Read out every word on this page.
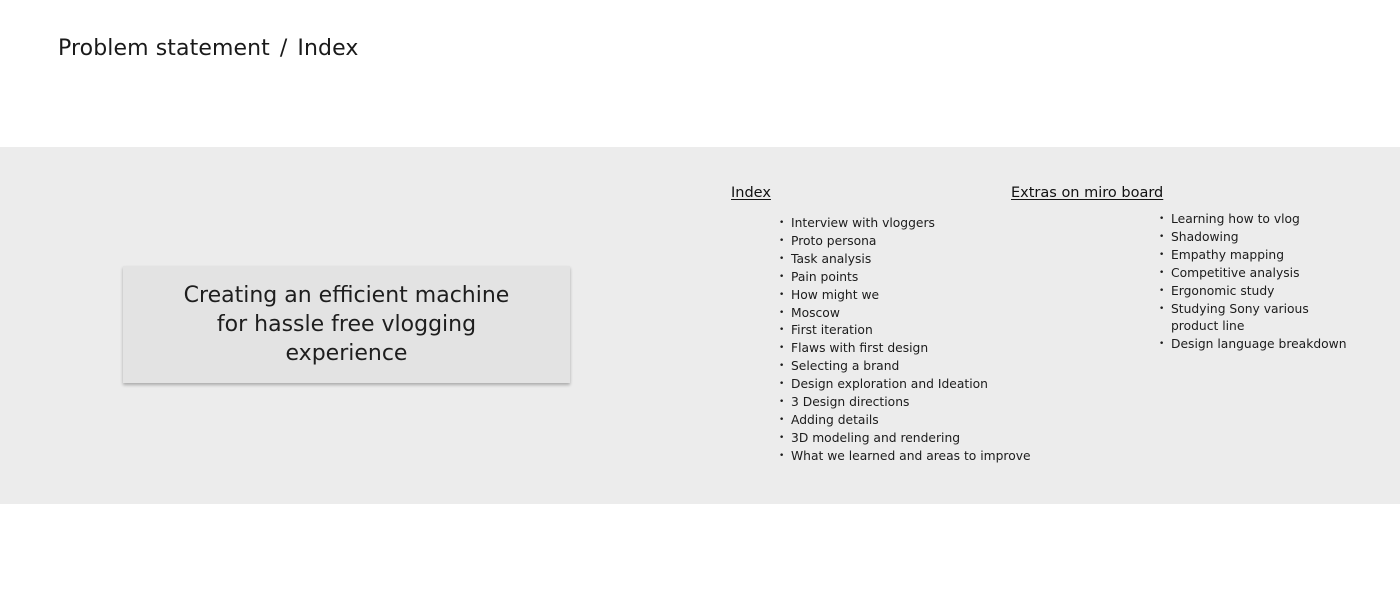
Problem statement / Index
Creating an efficient machine for hassle free vlogging experience
Index
• Interview with vloggers
• Proto persona
• Task analysis
• Pain points
• How might we
• Moscow
• First iteration
• Flaws with first design
• Selecting a brand
• Design exploration and Ideation
• 3 Design directions
• Adding details
• 3D modeling and rendering
• What we learned and areas to improve
Extras on miro board
• Learning how to vlog
• Shadowing
• Empathy mapping
• Competitive analysis
• Ergonomic study
• Studying Sony various product line
• Design language breakdown
